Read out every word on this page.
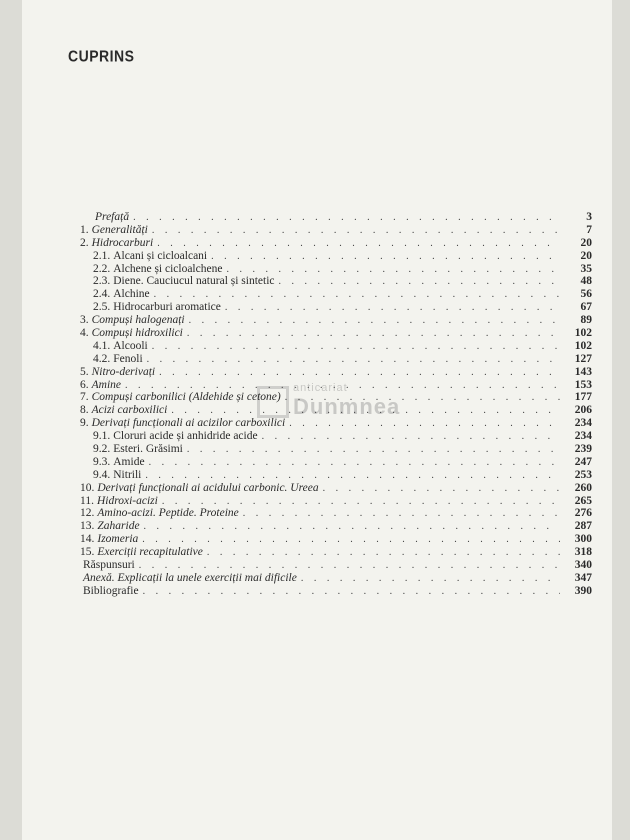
CUPRINS
anticariat
Dunmnea
Prefață . . .	3
1. Generalități . . .	7
2. Hidrocarburi . . .	20
2.1. Alcani și cicloalcani . . .	20
2.2. Alchene și cicloalchene . . .	35
2.3. Diene. Cauciucul natural și sintetic . . .	48
2.4. Alchine . . .	56
2.5. Hidrocarburi aromatice . . .	67
3. Compuși halogenați . . .	89
4. Compuși hidroxilici . . .	102
4.1. Alcooli . . .	102
4.2. Fenoli . . .	127
5. Nitro-derivați . . .	143
6. Amine . . .	153
7. Compuși carbonilici (Aldehide și cetone) . . .	177
8. Acizi carboxilici . . .	206
9. Derivați funcționali ai acizilor carboxilici . . .	234
9.1. Cloruri acide și anhidride acide . . .	234
9.2. Esteri. Grăsimi . . .	239
9.3. Amide . . .	247
9.4. Nitrili . . .	253
10. Derivați funcționali ai acidului carbonic. Ureea . . .	260
11. Hidroxi-acizi . . .	265
12. Amino-acizi. Peptide. Proteine . . .	276
13. Zaharide . . .	287
14. Izomeria . . .	300
15. Exerciții recapitulative . . .	318
Răspunsuri . . .	340
Anexă. Explicații la unele exerciții mai dificile . . .	347
Bibliografie . . .	390
